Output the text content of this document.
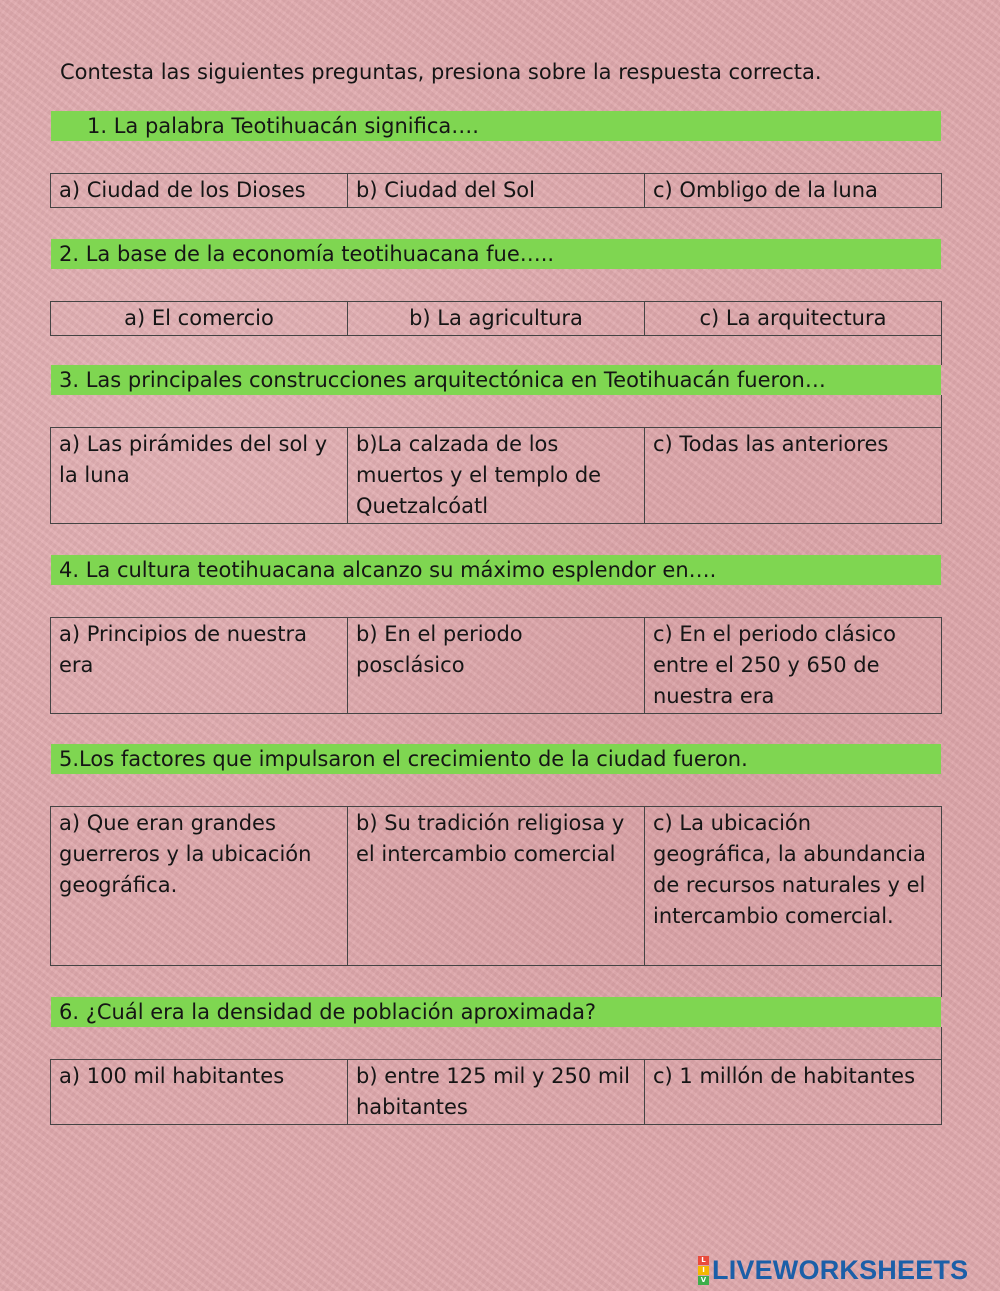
Contesta las siguientes preguntas, presiona sobre la respuesta correcta.
1. La palabra Teotihuacán significa….
a) Ciudad de los Dioses	b) Ciudad del Sol	c) Ombligo de la luna
2. La base de la economía teotihuacana fue…..
a) El comercio	b) La agricultura	c) La arquitectura
3. Las principales construcciones arquitectónica en Teotihuacán fueron…
a) Las pirámides del sol y la luna	b)La calzada de los muertos y el templo de Quetzalcóatl	c) Todas las anteriores
4. La cultura teotihuacana alcanzo su máximo esplendor en….
a) Principios de nuestra era	b) En el periodo posclásico	c) En el periodo clásico entre el 250 y 650 de nuestra era
5.Los factores que impulsaron el crecimiento de la ciudad fueron.
a) Que eran grandes guerreros y la ubicación geográfica.	b) Su tradición religiosa y el intercambio comercial	c) La ubicación geográfica, la abundancia de recursos naturales y el intercambio comercial.
6. ¿Cuál era la densidad de población aproximada?
a) 100 mil habitantes	b) entre 125 mil y 250 mil habitantes	c) 1 millón de habitantes
L
I
V LIVEWORKSHEETS
